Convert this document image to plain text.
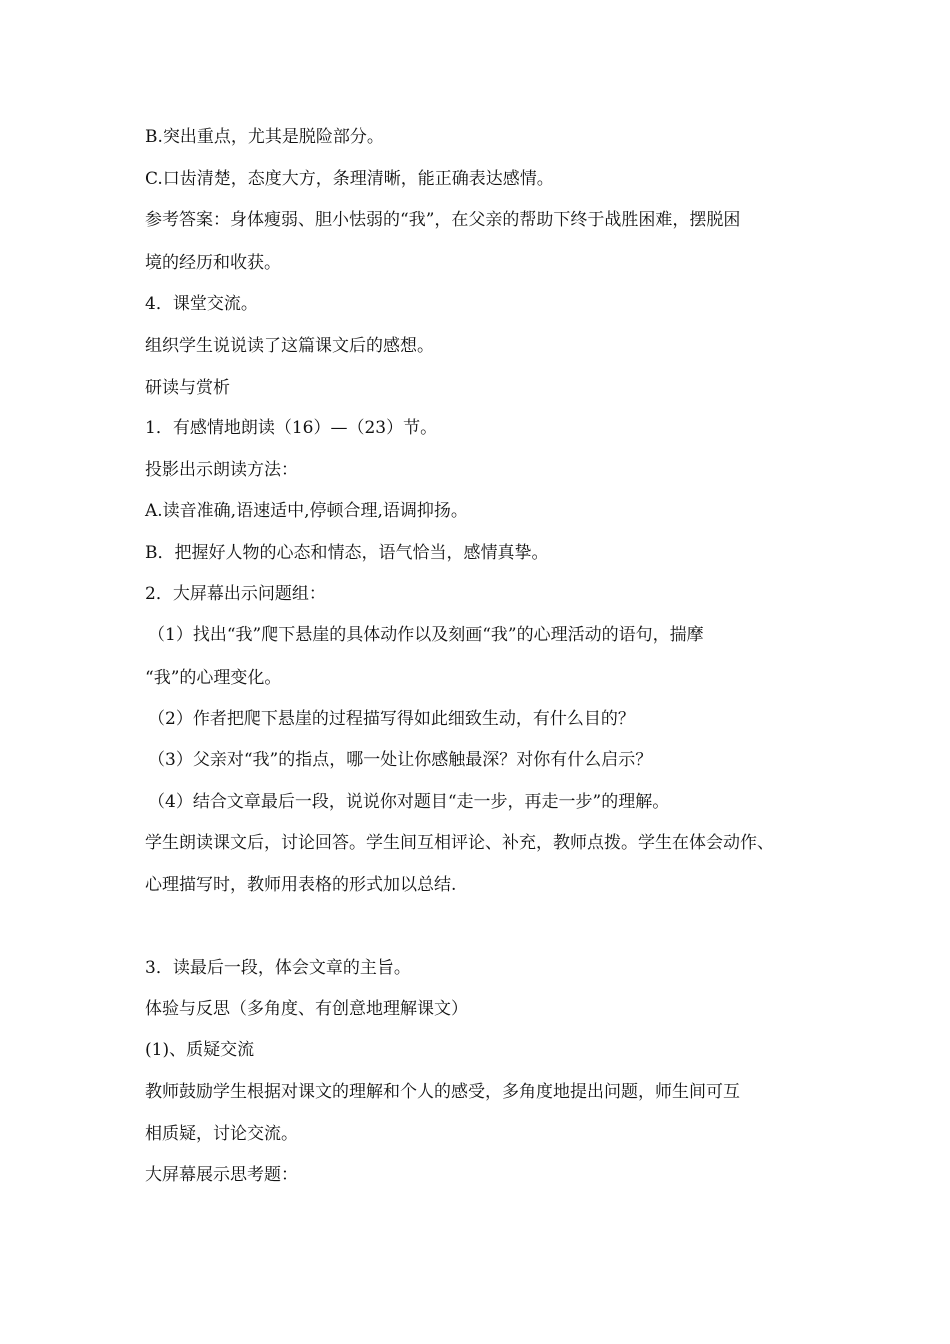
B.突出重点，尤其是脱险部分。
C.口齿清楚，态度大方，条理清晰，能正确表达感情。
参考答案：身体瘦弱、胆小怯弱的“我”，在父亲的帮助下终于战胜困难，摆脱困
境的经历和收获。
4．课堂交流。
组织学生说说读了这篇课文后的感想。
研读与赏析
1．有感情地朗读（16）—（23）节。
投影出示朗读方法：
A.读音准确,语速适中,停顿合理,语调抑扬。
B．把握好人物的心态和情态，语气恰当，感情真挚。
2．大屏幕出示问题组：
（1）找出“我”爬下悬崖的具体动作以及刻画“我”的心理活动的语句，揣摩
“我”的心理变化。
（2）作者把爬下悬崖的过程描写得如此细致生动，有什么目的？
（3）父亲对“我”的指点，哪一处让你感触最深？对你有什么启示？
（4）结合文章最后一段，说说你对题目“走一步，再走一步”的理解。
学生朗读课文后，讨论回答。学生间互相评论、补充，教师点拨。学生在体会动作、
心理描写时，教师用表格的形式加以总结.
3．读最后一段，体会文章的主旨。
体验与反思（多角度、有创意地理解课文）
(1)、质疑交流
教师鼓励学生根据对课文的理解和个人的感受，多角度地提出问题，师生间可互
相质疑，讨论交流。
大屏幕展示思考题：
